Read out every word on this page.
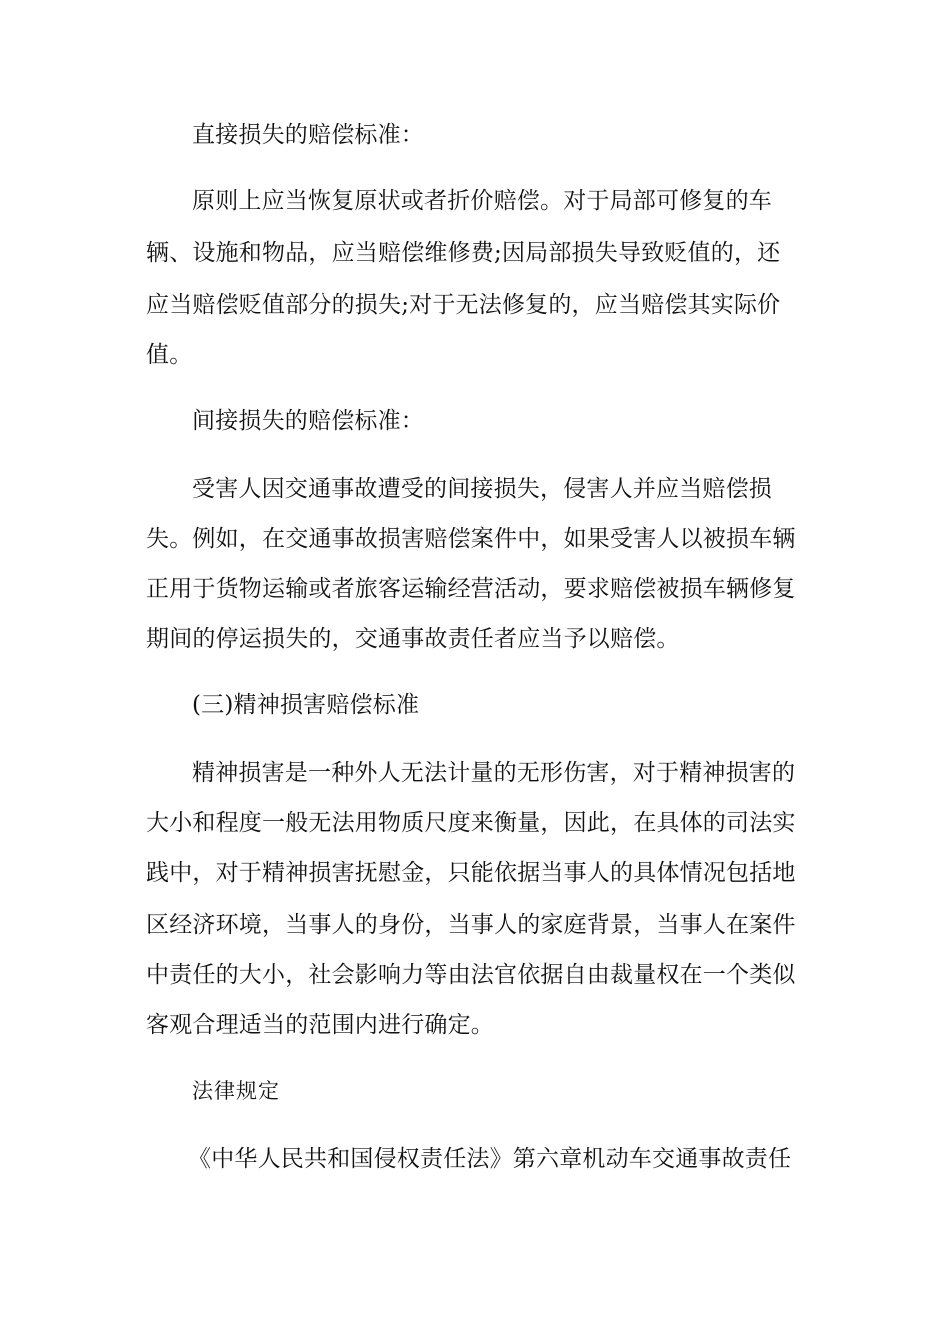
直接损失的赔偿标准：
原则上应当恢复原状或者折价赔偿。对于局部可修复的车
辆、设施和物品，应当赔偿维修费;因局部损失导致贬值的，还
应当赔偿贬值部分的损失;对于无法修复的，应当赔偿其实际价
值。
间接损失的赔偿标准：
受害人因交通事故遭受的间接损失，侵害人并应当赔偿损
失。例如，在交通事故损害赔偿案件中，如果受害人以被损车辆
正用于货物运输或者旅客运输经营活动，要求赔偿被损车辆修复
期间的停运损失的，交通事故责任者应当予以赔偿。
(三)精神损害赔偿标准
精神损害是一种外人无法计量的无形伤害，对于精神损害的
大小和程度一般无法用物质尺度来衡量，因此，在具体的司法实
践中，对于精神损害抚慰金，只能依据当事人的具体情况包括地
区经济环境，当事人的身份，当事人的家庭背景，当事人在案件
中责任的大小，社会影响力等由法官依据自由裁量权在一个类似
客观合理适当的范围内进行确定。
法律规定
《中华人民共和国侵权责任法》第六章机动车交通事故责任
